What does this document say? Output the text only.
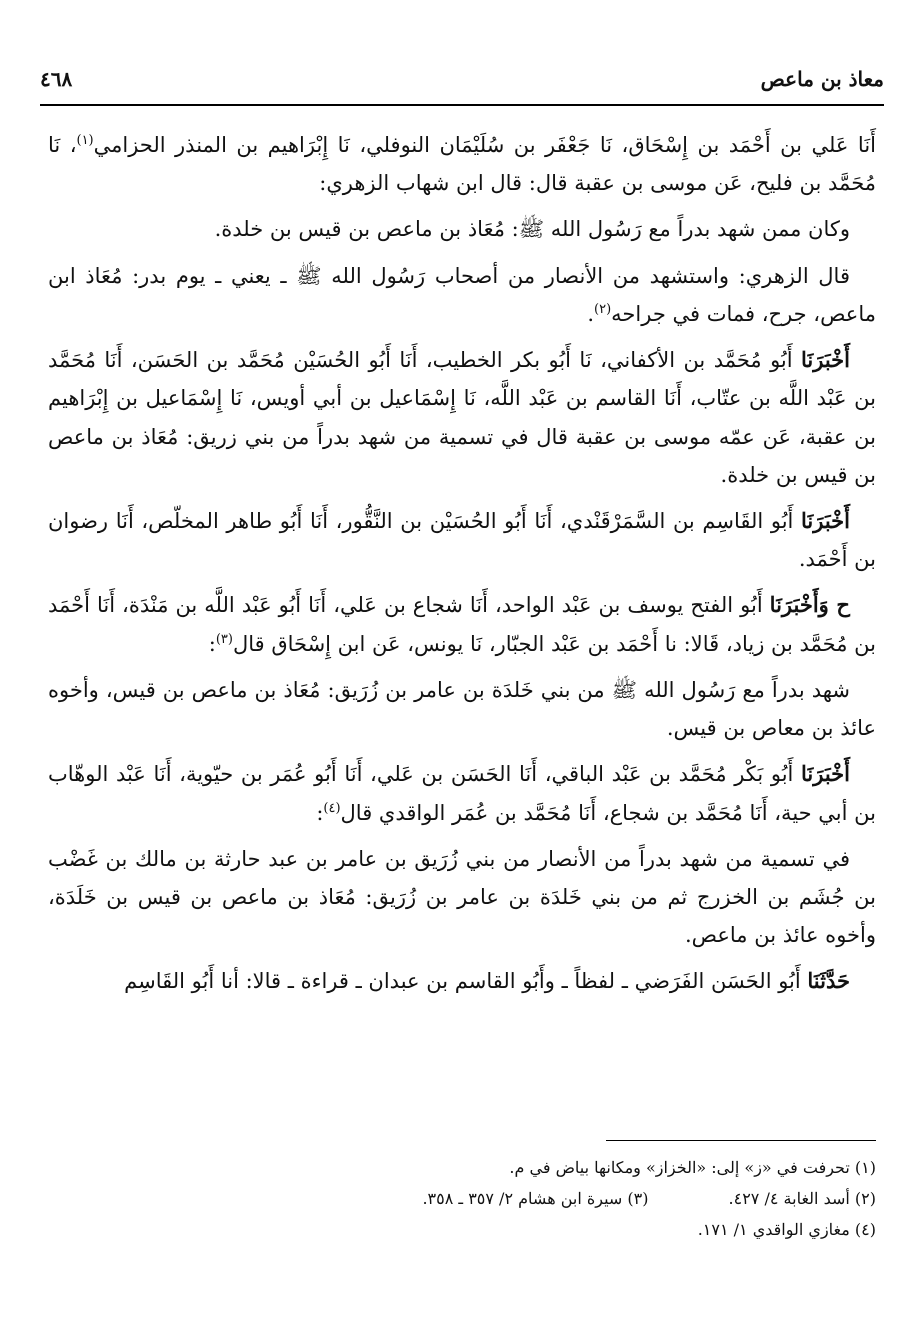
معاذ بن ماعص
٤٦٨

أَنَا عَلي بن أَحْمَد بن إِسْحَاق، نَا جَعْفَر بن سُلَيْمَان النوفلي، نَا إِبْرَاهيم بن المنذر الحزامي$^{(١)}$، نَا مُحَمَّد بن فليح، عَن موسى بن عقبة قال: قال ابن شهاب الزهري:

وكان ممن شهد بدراً مع رَسُول الله ﷺ: مُعَاذ بن ماعص بن قيس بن خلدة.

قال الزهري: واستشهد من الأنصار من أصحاب رَسُول الله ﷺ ـ يعني ـ يوم بدر: مُعَاذ ابن ماعص، جرح، فمات في جراحه$^{(٢)}$.

أَخْبَرَنَا أَبُو مُحَمَّد بن الأكفاني، نَا أَبُو بكر الخطيب، أَنَا أَبُو الحُسَيْن مُحَمَّد بن الحَسَن، أَنَا مُحَمَّد بن عَبْد اللَّه بن عتّاب، أَنَا القاسم بن عَبْد اللَّه، نَا إِسْمَاعيل بن أبي أويس، نَا إِسْمَاعيل بن إِبْرَاهيم بن عقبة، عَن عمّه موسى بن عقبة قال في تسمية من شهد بدراً من بني زريق: مُعَاذ بن ماعص بن قيس بن خلدة.

أَخْبَرَنَا أَبُو القَاسِم بن السَّمَرْقَنْدي، أَنَا أَبُو الحُسَيْن بن النَّقُّور، أَنَا أَبُو طاهر المخلّص، أَنَا رضوان بن أَحْمَد.

ح وَأَخْبَرَنَا أَبُو الفتح يوسف بن عَبْد الواحد، أَنَا شجاع بن عَلي، أَنَا أَبُو عَبْد اللَّه بن مَنْدَة، أَنَا أَحْمَد بن مُحَمَّد بن زياد، قَالا: نا أَحْمَد بن عَبْد الجبّار، نَا يونس، عَن ابن إِسْحَاق قال$^{(٣)}$:

شهد بدراً مع رَسُول الله ﷺ من بني خَلدَة بن عامر بن زُرَيق: مُعَاذ بن ماعص بن قيس، وأخوه عائذ بن معاص بن قيس.

أَخْبَرَنَا أَبُو بَكْر مُحَمَّد بن عَبْد الباقي، أَنَا الحَسَن بن عَلي، أَنَا أَبُو عُمَر بن حيّوية، أَنَا عَبْد الوهّاب بن أبي حية، أَنَا مُحَمَّد بن شجاع، أَنَا مُحَمَّد بن عُمَر الواقدي قال$^{(٤)}$:

في تسمية من شهد بدراً من الأنصار من بني زُرَيق بن عامر بن عبد حارثة بن مالك بن غَضْب بن جُشَم بن الخزرج ثم من بني خَلدَة بن عامر بن زُرَيق: مُعَاذ بن ماعص بن قيس بن خَلَدَة، وأخوه عائذ بن ماعص.

حَدَّثَنَا أَبُو الحَسَن الفَرَضي ـ لفظاً ـ وأَبُو القاسم بن عبدان ـ قراءة ـ قالا: أنا أَبُو القَاسِم

(١) تحرفت في «ز» إلى: «الخزاز» ومكانها بياض في م.
(٢) أسد الغابة ٤/ ٤٢٧.
(٣) سيرة ابن هشام ٢/ ٣٥٧ ـ ٣٥٨.
(٤) مغازي الواقدي ١/ ١٧١.
